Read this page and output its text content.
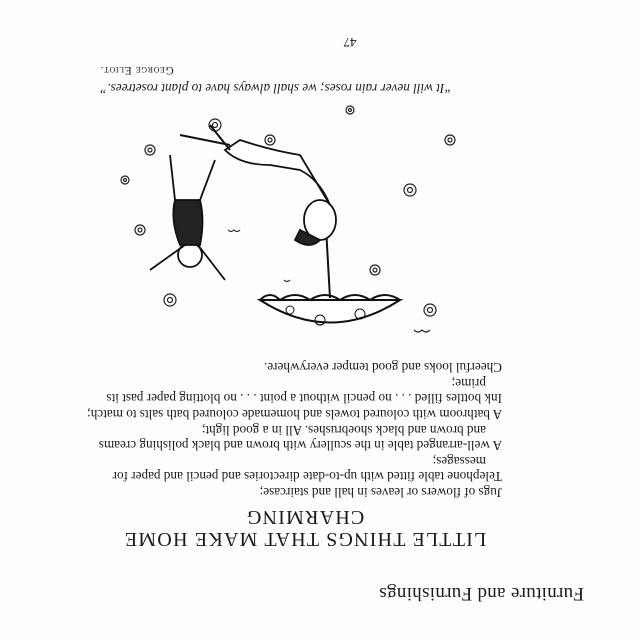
Furniture and Furnishings
LITTLE THINGS THAT MAKE HOME CHARMING
Jugs of flowers or leaves in hall and staircase;
Telephone table fitted with up-to-date directories and pencil and paper for messages;
A well-arranged table in the scullery with brown and black polishing creams and brown and black shoebrushes. All in a good light;
A bathroom with coloured towels and homemade coloured bath salts to match;
Ink bottles filled . . . no pencil without a point . . . no blotting paper past its prime;
Cheerful looks and good temper everywhere.
“It will never rain roses; we shall always have to plant rosetrees.”
George Eliot.
47
